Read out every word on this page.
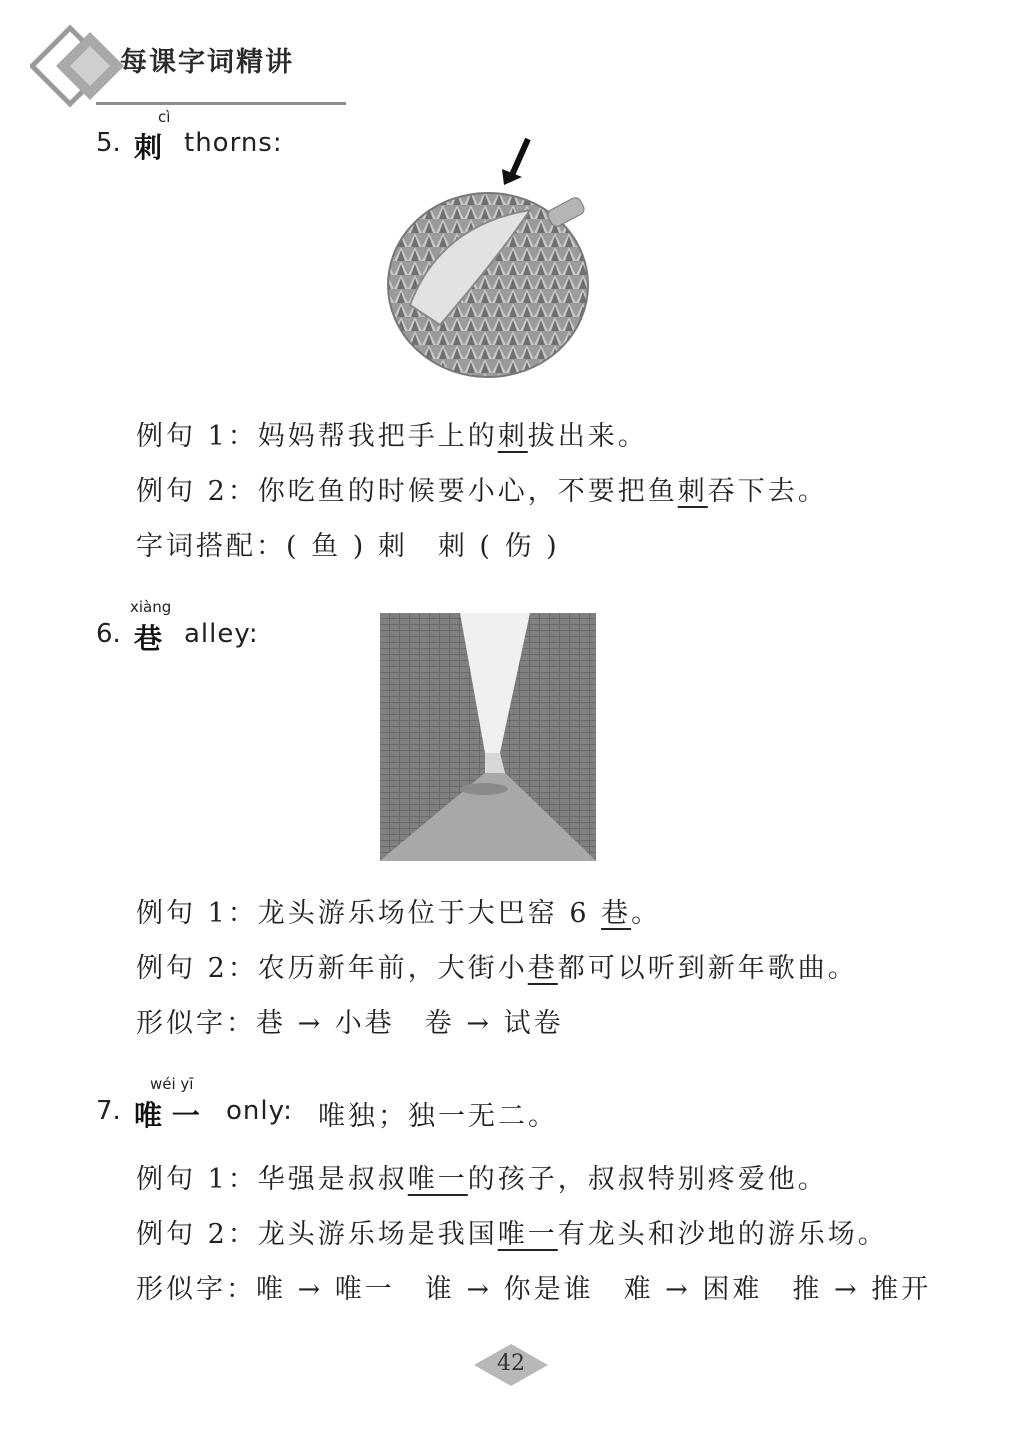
每课字词精讲
cì
5. 刺 thorns:
例句 1：妈妈帮我把手上的刺拔出来。
例句 2：你吃鱼的时候要小心，不要把鱼刺吞下去。
字词搭配：( 鱼 ) 刺　刺 ( 伤 )
xiàng
6. 巷 alley:
例句 1：龙头游乐场位于大巴窑 6 巷。
例句 2：农历新年前，大街小巷都可以听到新年歌曲。
形似字：巷 → 小巷　卷 → 试卷
wéi yī
7. 唯 一 only: 唯独；独一无二。
例句 1：华强是叔叔唯一的孩子，叔叔特别疼爱他。
例句 2：龙头游乐场是我国唯一有龙头和沙地的游乐场。
形似字：唯 → 唯一　谁 → 你是谁　难 → 困难　推 → 推开
42
